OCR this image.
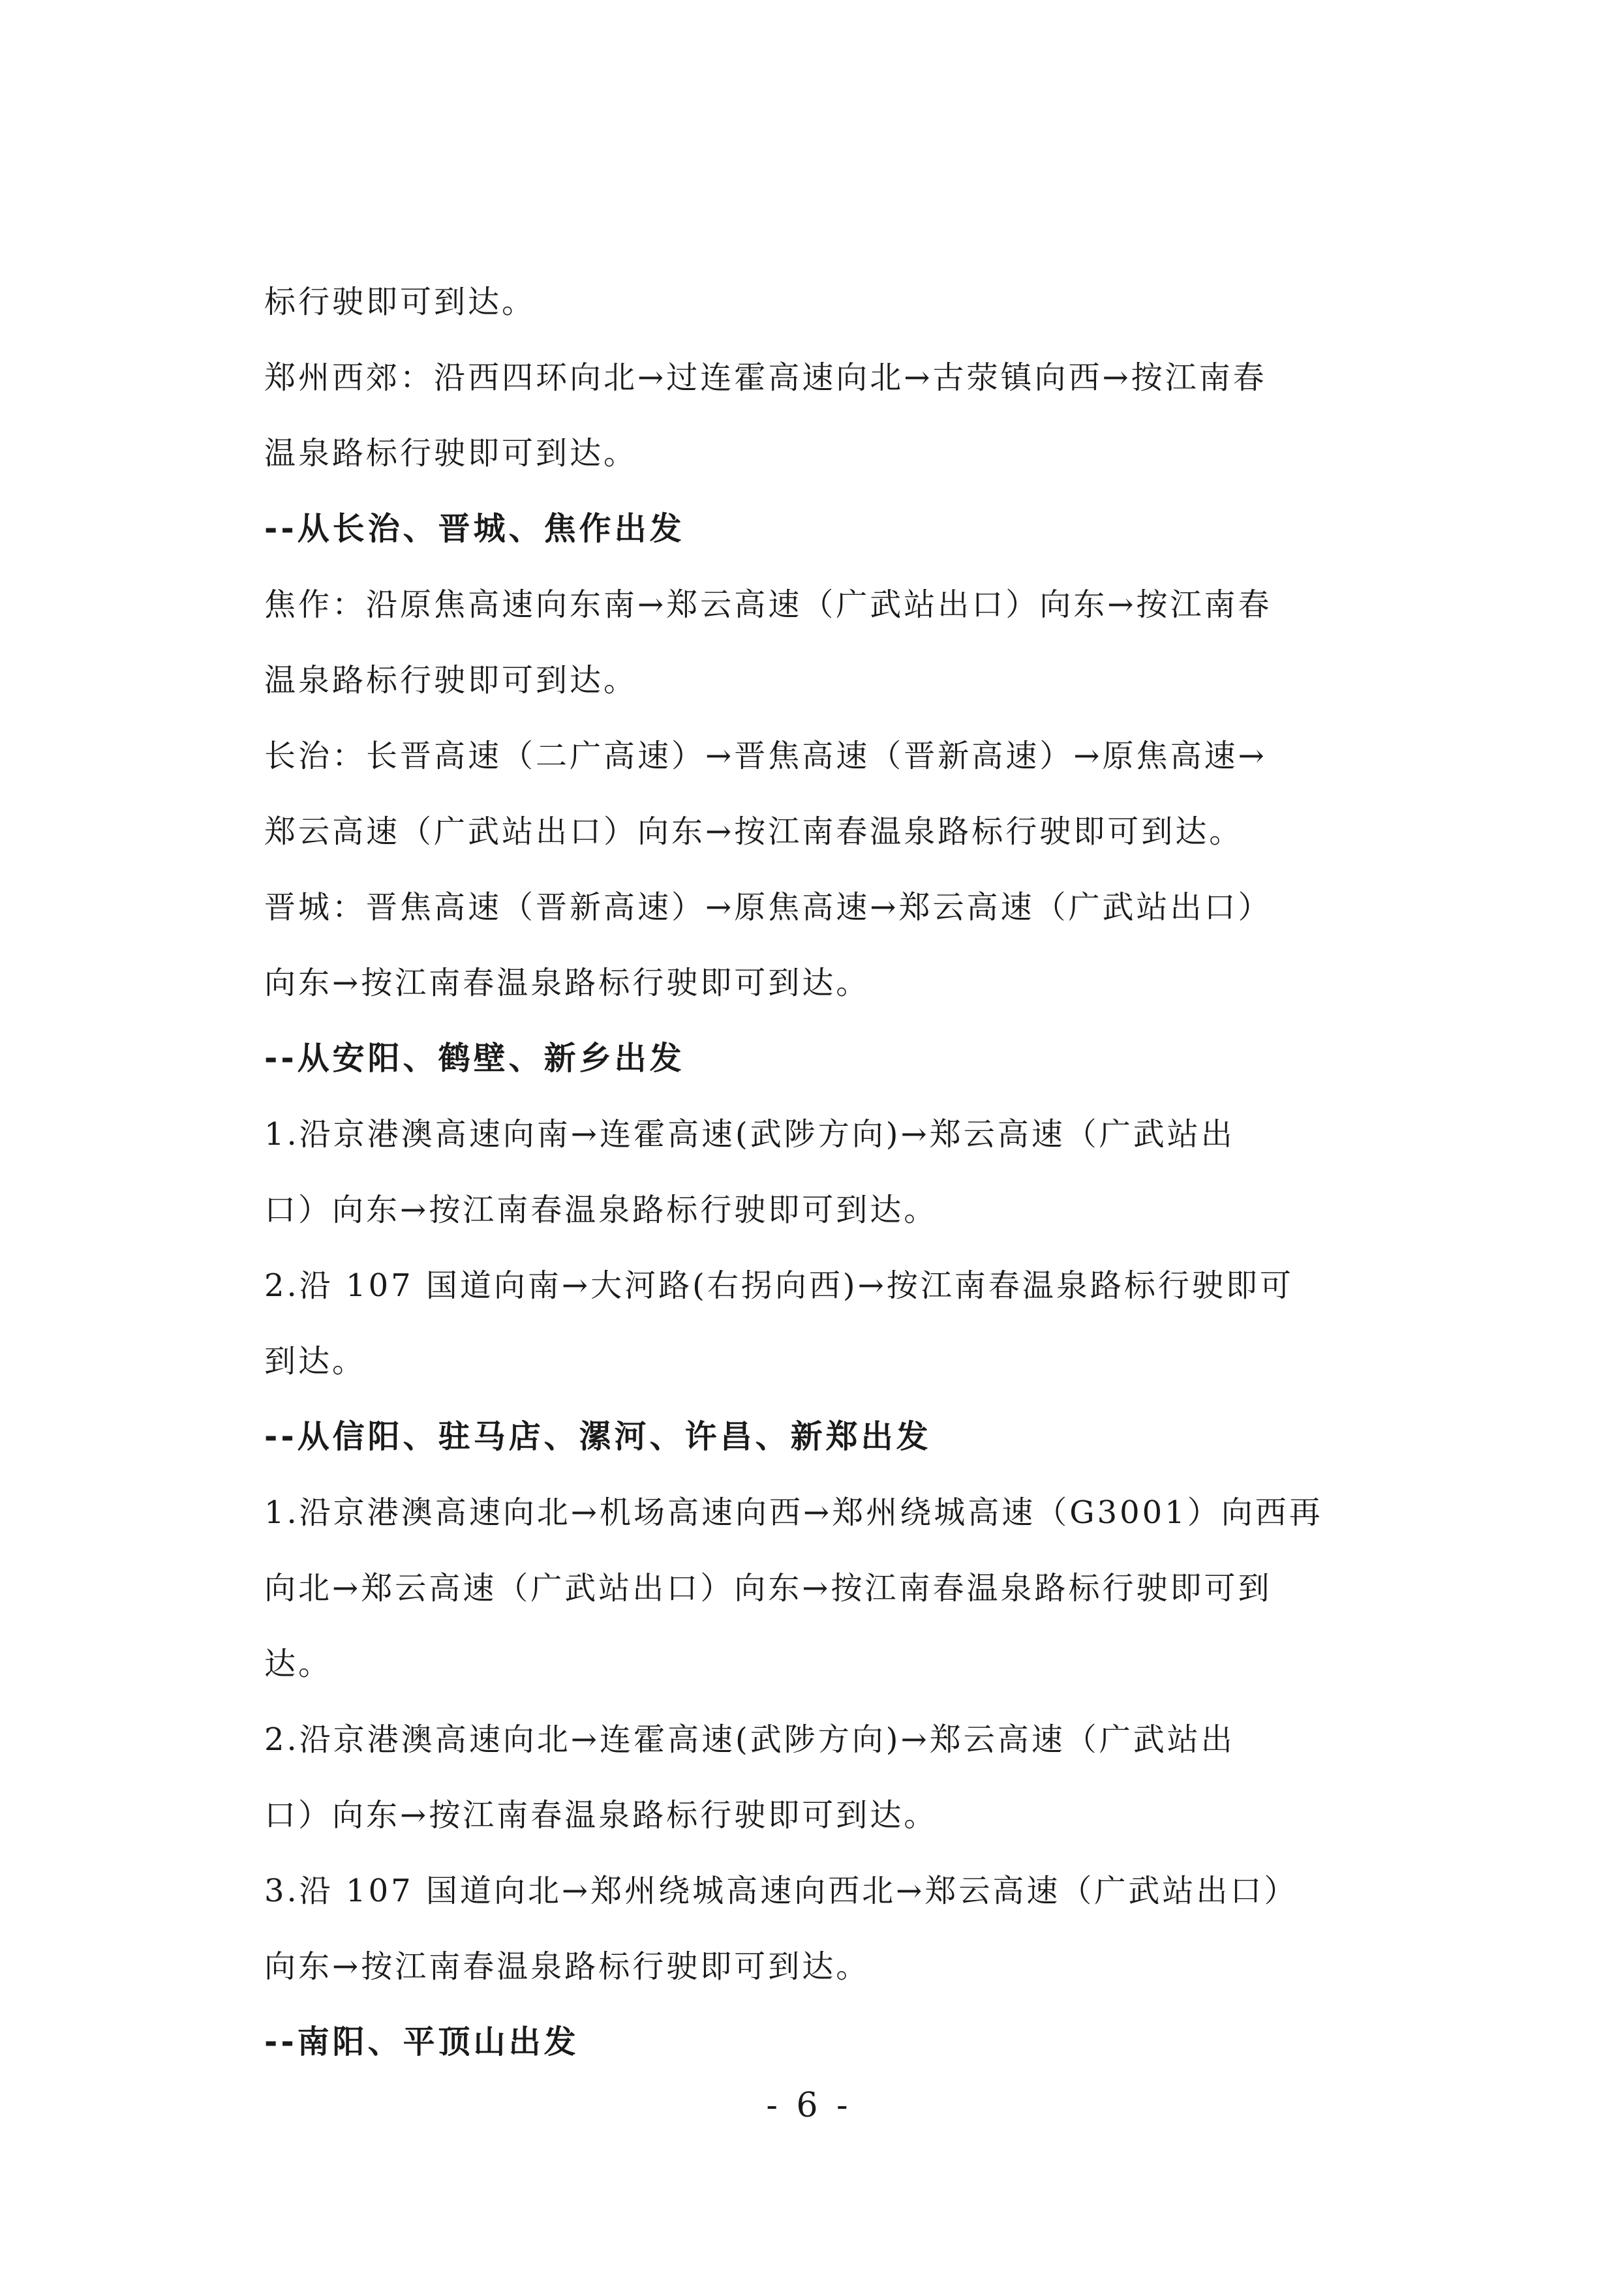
标行驶即可到达。
郑州西郊：沿西四环向北→过连霍高速向北→古荥镇向西→按江南春
温泉路标行驶即可到达。
--从长治、晋城、焦作出发
焦作：沿原焦高速向东南→郑云高速（广武站出口）向东→按江南春
温泉路标行驶即可到达。
长治：长晋高速（二广高速）→晋焦高速（晋新高速）→原焦高速→
郑云高速（广武站出口）向东→按江南春温泉路标行驶即可到达。
晋城：晋焦高速（晋新高速）→原焦高速→郑云高速（广武站出口）
向东→按江南春温泉路标行驶即可到达。
--从安阳、鹤壁、新乡出发
1.沿京港澳高速向南→连霍高速(武陟方向)→郑云高速（广武站出
口）向东→按江南春温泉路标行驶即可到达。
2.沿 107 国道向南→大河路(右拐向西)→按江南春温泉路标行驶即可
到达。
--从信阳、驻马店、漯河、许昌、新郑出发
1.沿京港澳高速向北→机场高速向西→郑州绕城高速（G3001）向西再
向北→郑云高速（广武站出口）向东→按江南春温泉路标行驶即可到
达。
2.沿京港澳高速向北→连霍高速(武陟方向)→郑云高速（广武站出
口）向东→按江南春温泉路标行驶即可到达。
3.沿 107 国道向北→郑州绕城高速向西北→郑云高速（广武站出口）
向东→按江南春温泉路标行驶即可到达。
--南阳、平顶山出发
- 6 -
